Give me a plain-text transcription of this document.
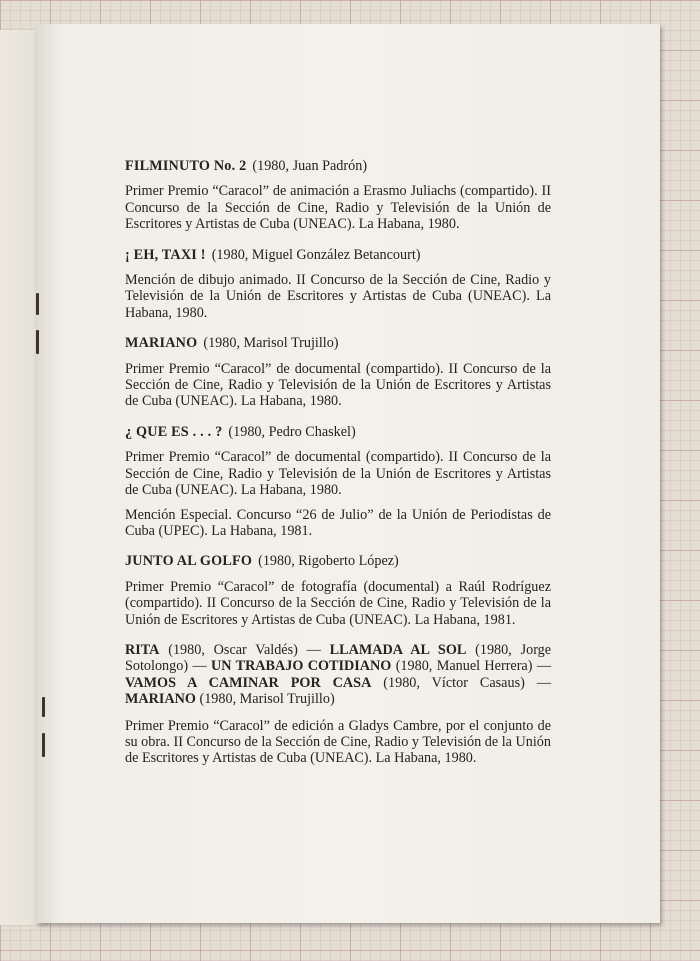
FILMINUTO No. 2 (1980, Juan Padrón)

Primer Premio “Caracol” de animación a Erasmo Juliachs (compartido). II Concurso de la Sección de Cine, Radio y Televisión de la Unión de Escritores y Artistas de Cuba (UNEAC). La Habana, 1980.

¡ EH, TAXI ! (1980, Miguel González Betancourt)

Mención de dibujo animado. II Concurso de la Sección de Cine, Radio y Televisión de la Unión de Escritores y Artistas de Cuba (UNEAC). La Habana, 1980.

MARIANO (1980, Marisol Trujillo)

Primer Premio “Caracol” de documental (compartido). II Concurso de la Sección de Cine, Radio y Televisión de la Unión de Escritores y Artistas de Cuba (UNEAC). La Habana, 1980.

¿ QUE ES . . . ? (1980, Pedro Chaskel)

Primer Premio “Caracol” de documental (compartido). II Concurso de la Sección de Cine, Radio y Televisión de la Unión de Escritores y Artistas de Cuba (UNEAC). La Habana, 1980.

Mención Especial. Concurso “26 de Julio” de la Unión de Periodistas de Cuba (UPEC). La Habana, 1981.

JUNTO AL GOLFO (1980, Rigoberto López)

Primer Premio “Caracol” de fotografía (documental) a Raúl Rodríguez (compartido). II Concurso de la Sección de Cine, Radio y Televisión de la Unión de Escritores y Artistas de Cuba (UNEAC). La Habana, 1981.

RITA (1980, Oscar Valdés) — LLAMADA AL SOL (1980, Jorge Sotolongo) — UN TRABAJO COTIDIANO (1980, Manuel Herrera) — VAMOS A CAMINAR POR CASA (1980, Víctor Casaus) — MARIANO (1980, Marisol Trujillo)

Primer Premio “Caracol” de edición a Gladys Cambre, por el conjunto de su obra. II Concurso de la Sección de Cine, Radio y Televisión de la Unión de Escritores y Artistas de Cuba (UNEAC). La Habana, 1980.
